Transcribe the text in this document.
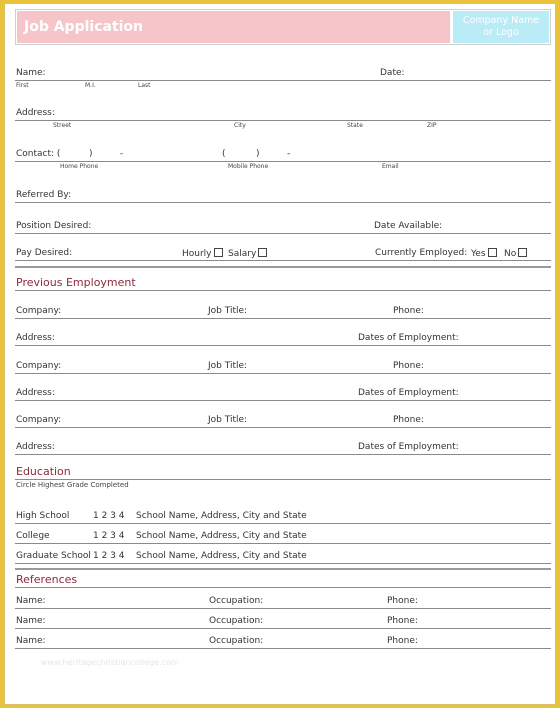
Job Application	Company Name
or Logo
Name:	Date:
First	M.I.	Last
Address:
Street	City	State	ZIP
Contact: (	)	-	(	)	-
Home Phone	Mobile Phone	Email
Referred By:
Position Desired:	Date Available:
Pay Desired:	Hourly	Salary	Currently Employed: Yes	No
Previous Employment
Company:	Job Title:	Phone:
Address:	Dates of Employment:
Company:	Job Title:	Phone:
Address:	Dates of Employment:
Company:	Job Title:	Phone:
Address:	Dates of Employment:
Education
Circle Highest Grade Completed
High School	1 2 3 4 School Name, Address, City and State
College	1 2 3 4 School Name, Address, City and State
Graduate School 1 2 3 4 School Name, Address, City and State
References
Name:	Occupation:	Phone:
Name:	Occupation:	Phone:
Name:	Occupation:	Phone:
www.heritagechristiancollege.com
